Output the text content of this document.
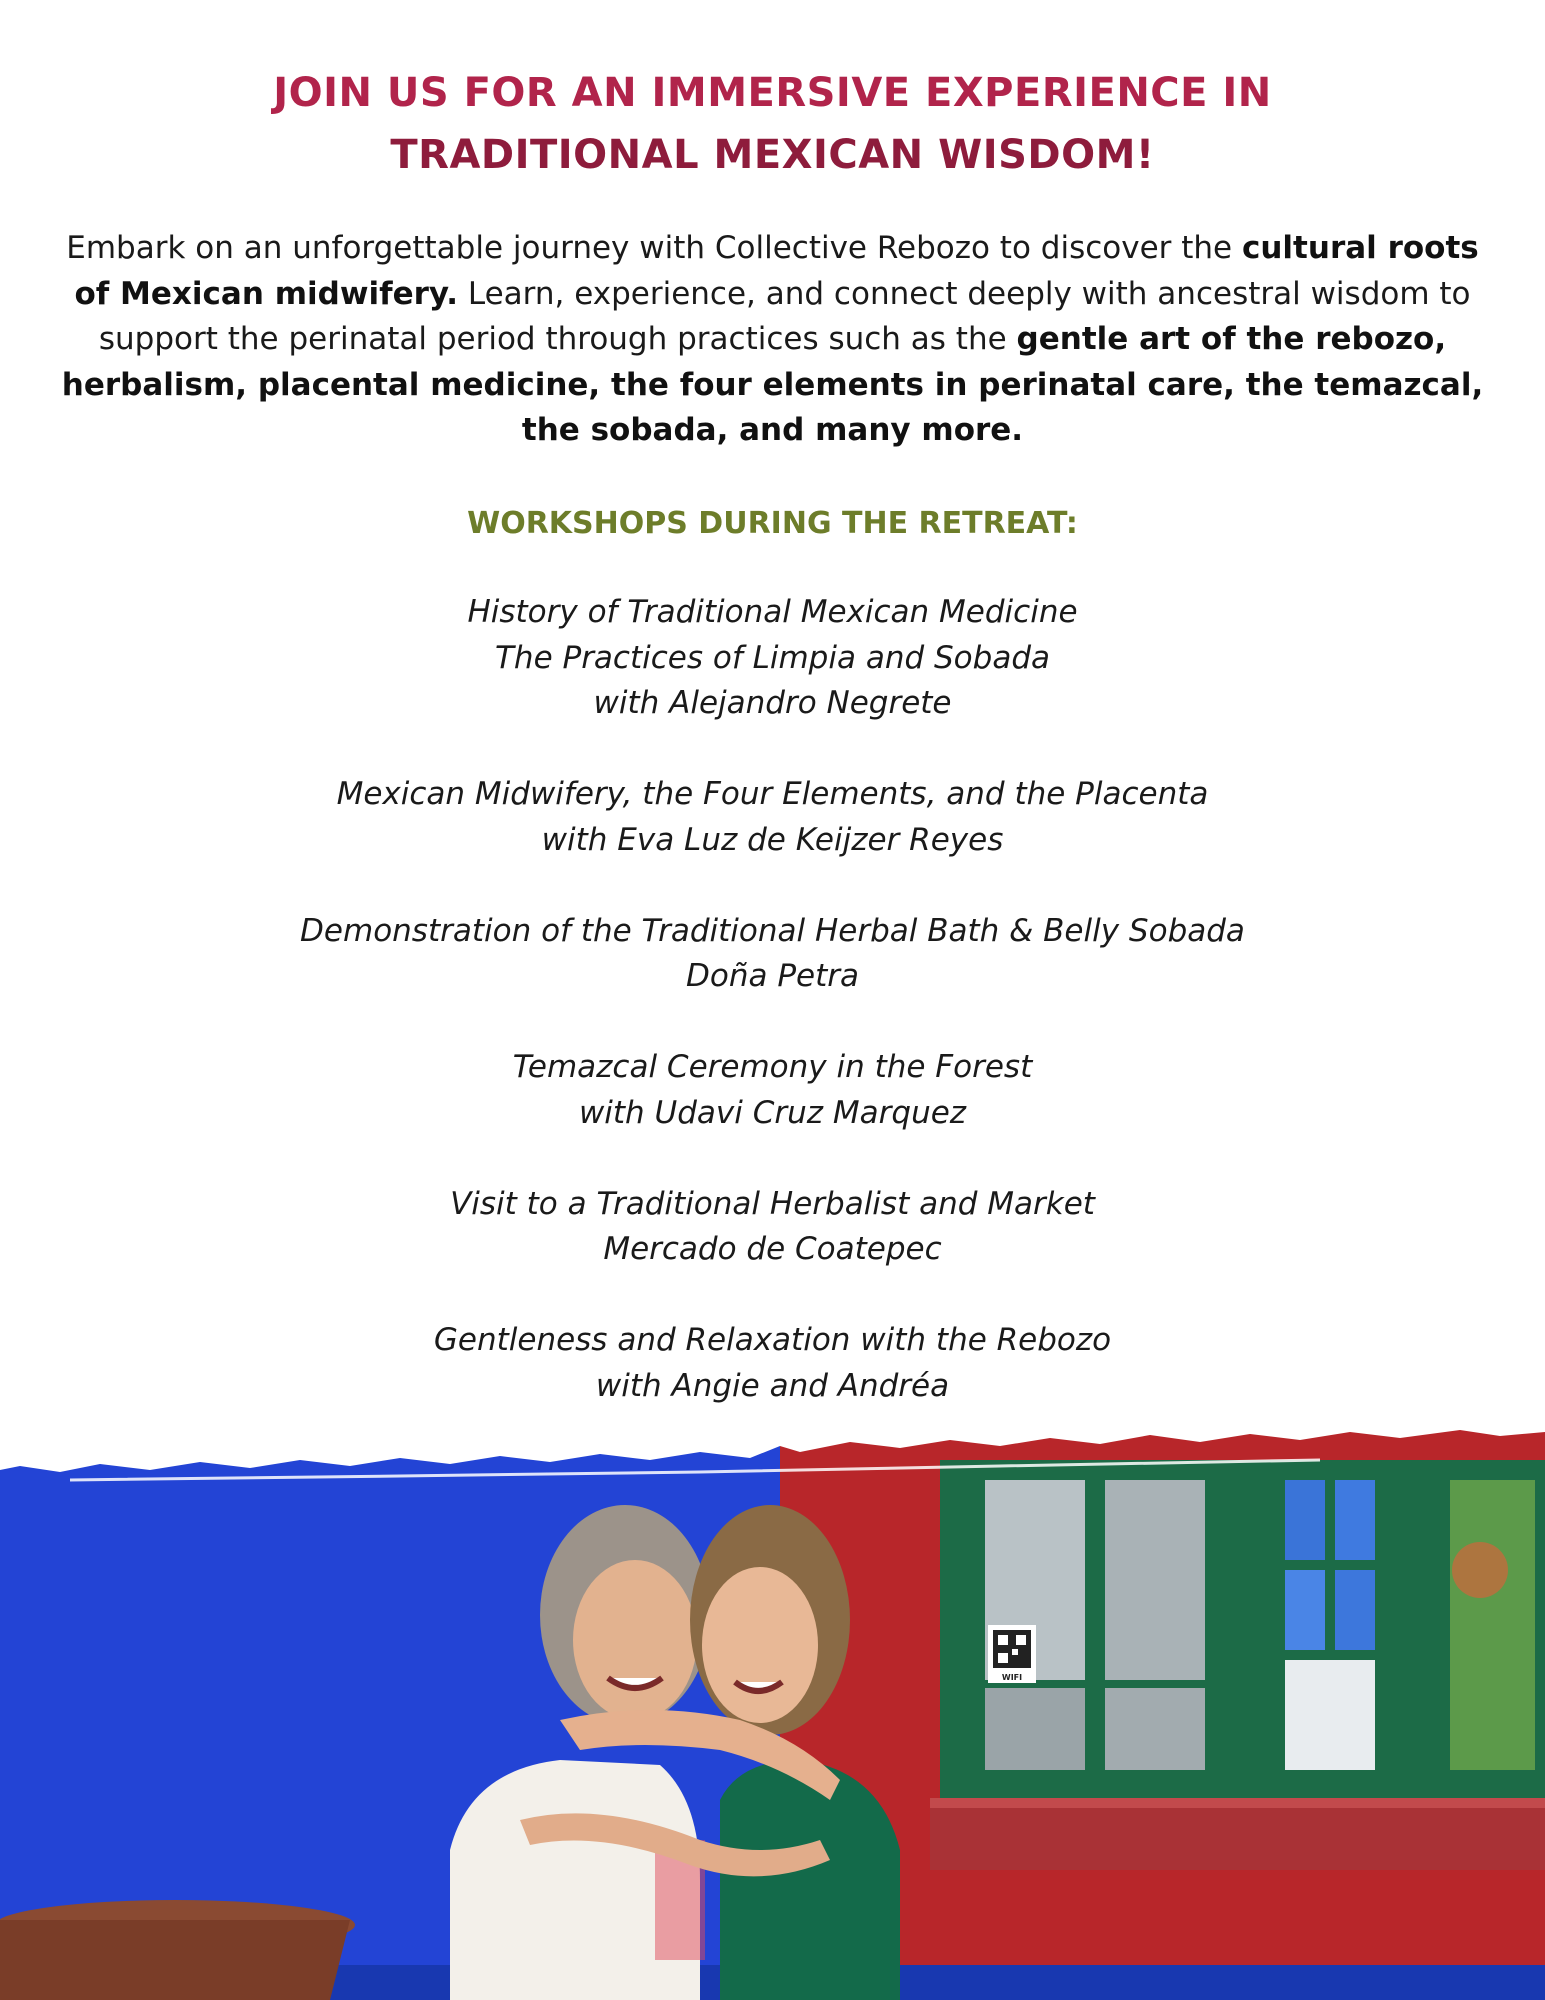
JOIN US FOR AN IMMERSIVE EXPERIENCE IN
TRADITIONAL MEXICAN WISDOM!

Embark on an unforgettable journey with Collective Rebozo to discover the cultural roots of Mexican midwifery. Learn, experience, and connect deeply with ancestral wisdom to support the perinatal period through practices such as the gentle art of the rebozo, herbalism, placental medicine, the four elements in perinatal care, the temazcal, the sobada, and many more.

WORKSHOPS DURING THE RETREAT:
History of Traditional Mexican Medicine
The Practices of Limpia and Sobada
with Alejandro Negrete
Mexican Midwifery, the Four Elements, and the Placenta
with Eva Luz de Keijzer Reyes
Demonstration of the Traditional Herbal Bath & Belly Sobada
Doña Petra
Temazcal Ceremony in the Forest
with Udavi Cruz Marquez
Visit to a Traditional Herbalist and Market
Mercado de Coatepec
Gentleness and Relaxation with the Rebozo
with Angie and Andréa
WIFI
